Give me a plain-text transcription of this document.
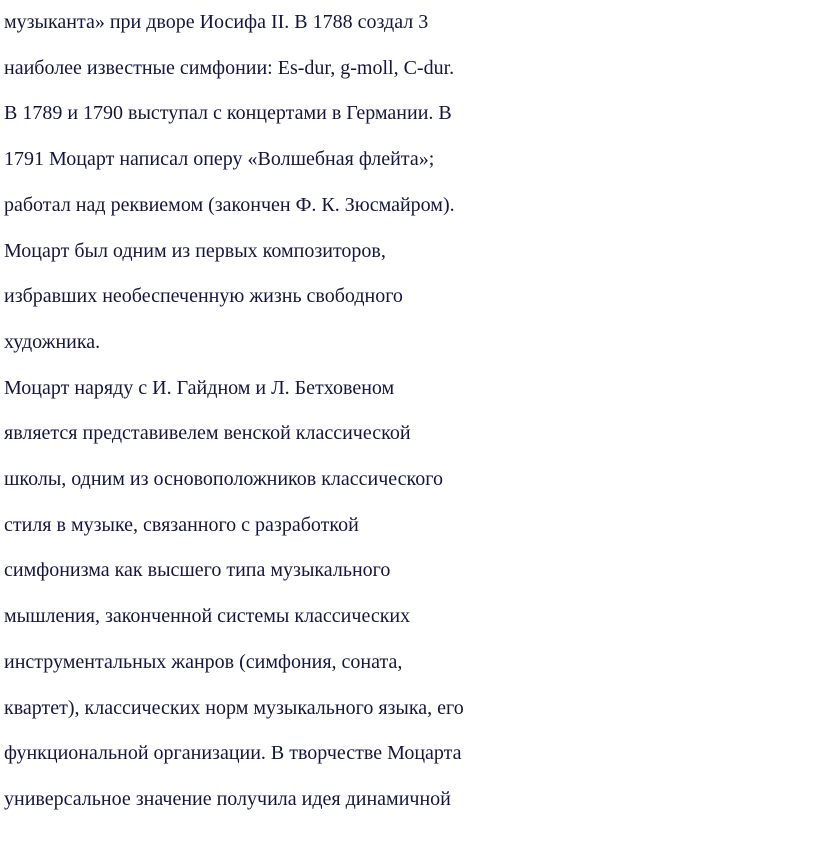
музыканта» при дворе Иосифа II. В 1788 создал 3
наиболее известные симфонии: Es-dur, g-moll, C-dur.
В 1789 и 1790 выступал с концертами в Германии. В
1791 Моцарт написал оперу «Волшебная флейта»;
работал над реквиемом (закончен Ф. К. Зюсмайром).
Моцарт был одним из первых композиторов,
избравших необеспеченную жизнь свободного
художника.
Моцарт наряду с И. Гайдном и Л. Бетховеном
является представивелем венской классической
школы, одним из основоположников классического
стиля в музыке, связанного с разработкой
симфонизма как высшего типа музыкального
мышления, законченной системы классических
инструментальных жанров (симфония, соната,
квартет), классических норм музыкального языка, его
функциональной организации. В творчестве Моцарта
универсальное значение получила идея динамичной
